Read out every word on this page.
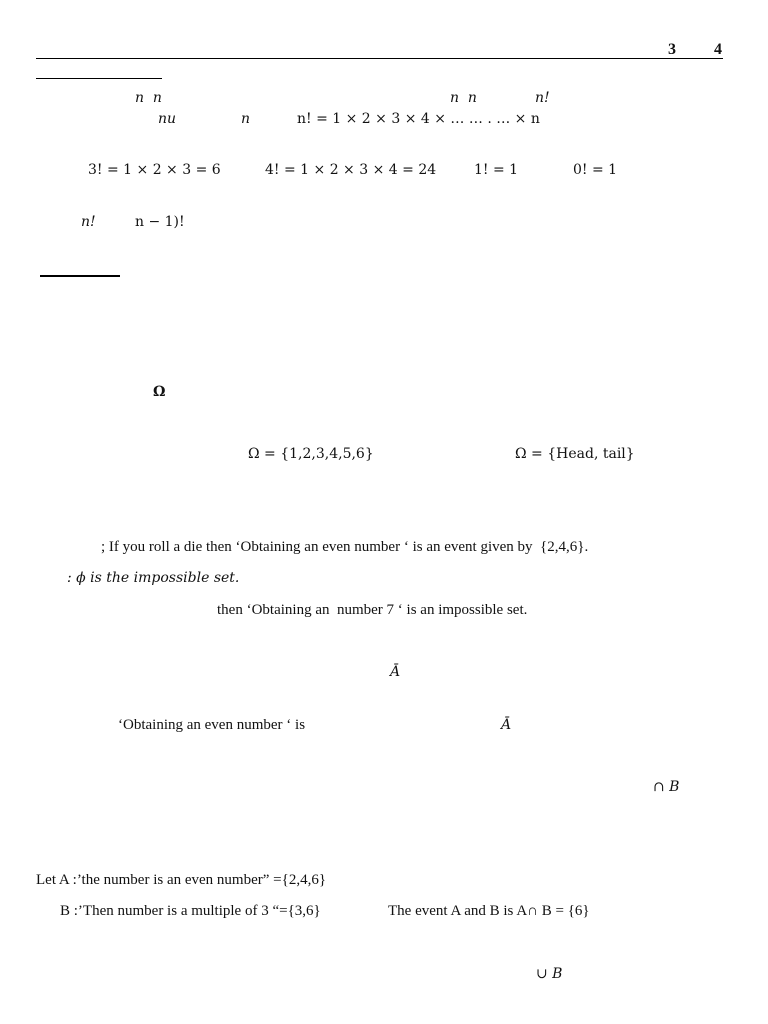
3 4
n  n	n  n	n!
nu	n	n! = 1 × 2 × 3 × 4 × … … . … × n
3! = 1 × 2 × 3 = 6	4! = 1 × 2 × 3 × 4 = 24	1! = 1	0! = 1
n!	n − 1)!
Ω
Ω = {1,2,3,4,5,6}	Ω = {Head, tail}
; If you roll a die then ‘Obtaining an even number ‘ is an event given by  {2,4,6}.
: ϕ is the impossible set.
then ‘Obtaining an  number 7 ‘ is an impossible set.
Ā
‘Obtaining an even number ‘ is	Ā
∩ B
Let A :’the number is an even number” ={2,4,6}
B :’Then number is a multiple of 3 “={3,6}	The event A and B is A∩ B = {6}
∪ B
